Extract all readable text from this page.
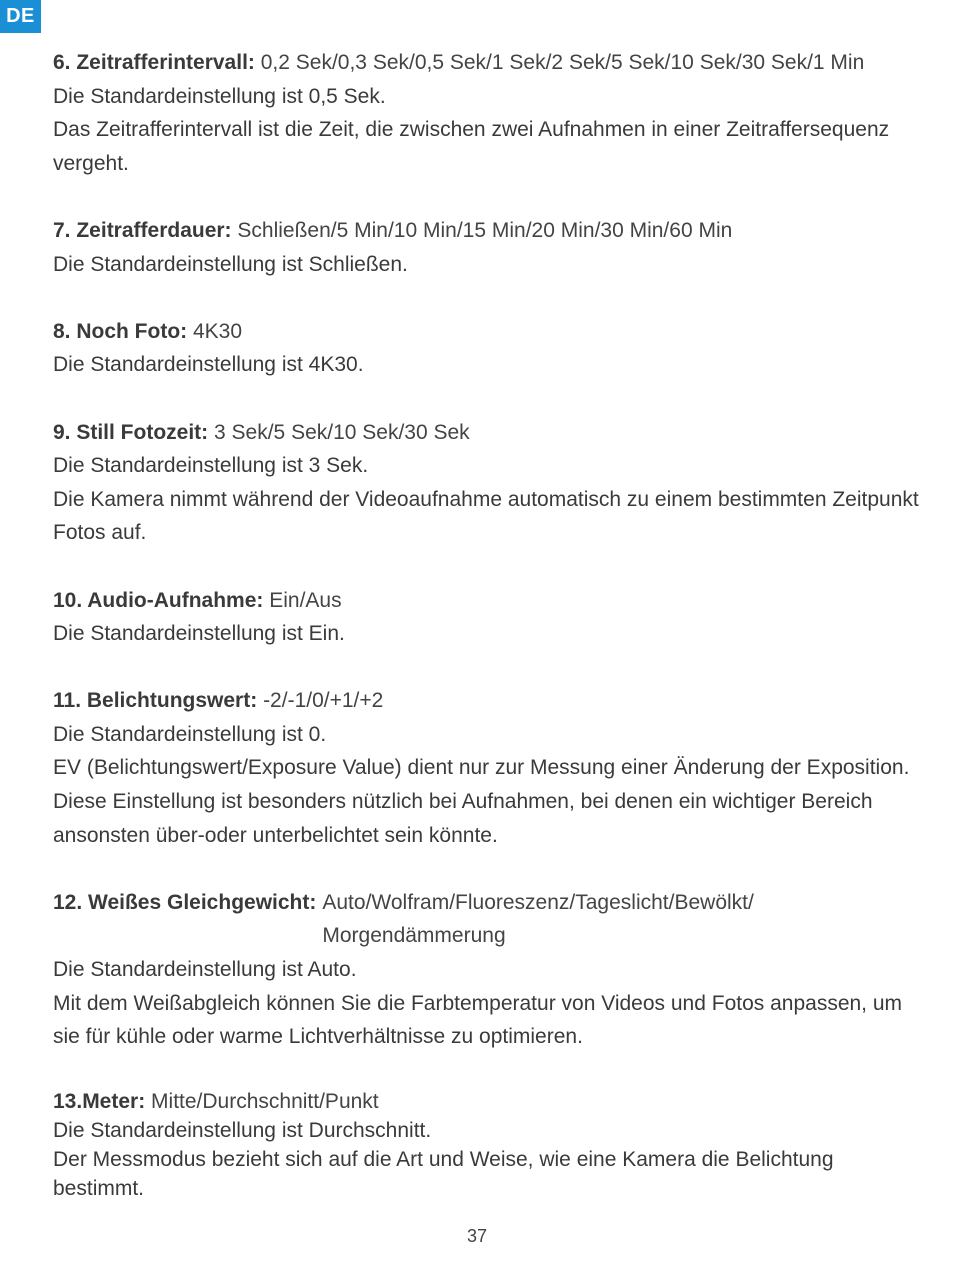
DE
6. Zeitrafferintervall: 0,2 Sek/0,3 Sek/0,5 Sek/1 Sek/2 Sek/5 Sek/10 Sek/30 Sek/1 Min
Die Standardeinstellung ist 0,5 Sek.
Das Zeitrafferintervall ist die Zeit, die zwischen zwei Aufnahmen in einer Zeitraffersequenz vergeht.
7. Zeitrafferdauer: Schließen/5 Min/10 Min/15 Min/20 Min/30 Min/60 Min
Die Standardeinstellung ist Schließen.
8. Noch Foto: 4K30
Die Standardeinstellung ist 4K30.
9. Still Fotozeit: 3 Sek/5 Sek/10 Sek/30 Sek
Die Standardeinstellung ist 3 Sek.
Die Kamera nimmt während der Videoaufnahme automatisch zu einem bestimmten Zeitpunkt Fotos auf.
10. Audio-Aufnahme: Ein/Aus
Die Standardeinstellung ist Ein.
11. Belichtungswert: -2/-1/0/+1/+2
Die Standardeinstellung ist 0.
EV (Belichtungswert/Exposure Value) dient nur zur Messung einer Änderung der Exposition. Diese Einstellung ist besonders nützlich bei Aufnahmen, bei denen ein wichtiger Bereich ansonsten über-oder unterbelichtet sein könnte.
12. Weißes Gleichgewicht: Auto/Wolfram/Fluoreszenz/Tageslicht/Bewölkt/ Morgendämmerung
Die Standardeinstellung ist Auto.
Mit dem Weißabgleich können Sie die Farbtemperatur von Videos und Fotos anpassen, um sie für kühle oder warme Lichtverhältnisse zu optimieren.
13.Meter: Mitte/Durchschnitt/Punkt
Die Standardeinstellung ist Durchschnitt.
Der Messmodus bezieht sich auf die Art und Weise, wie eine Kamera die Belichtung bestimmt.
37
